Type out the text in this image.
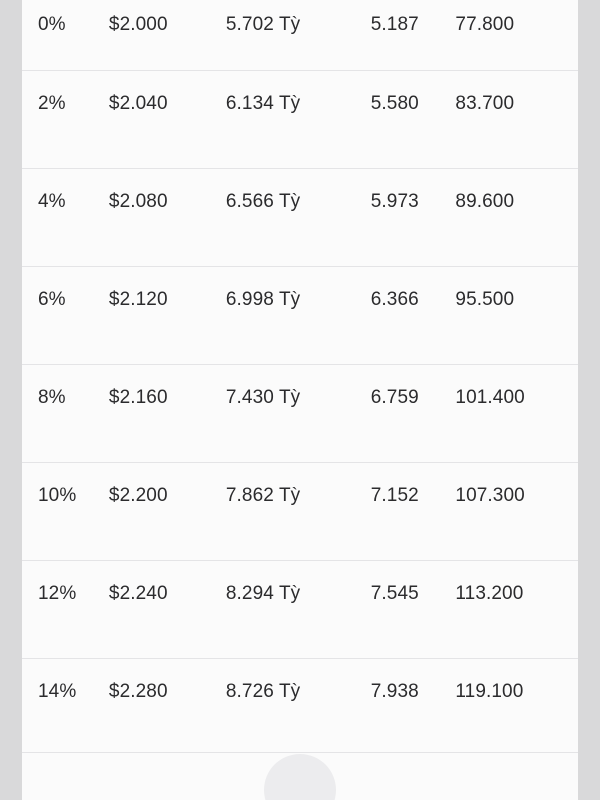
0%	$2.000	5.702 Tỳ	5.187	77.800

2%	$2.040	6.134 Tỳ	5.580	83.700

4%	$2.080	6.566 Tỳ	5.973	89.600

6%	$2.120	6.998 Tỳ	6.366	95.500

8%	$2.160	7.430 Tỳ	6.759	101.400

10%	$2.200	7.862 Tỳ	7.152	107.300

12%	$2.240	8.294 Tỳ	7.545	113.200

14%	$2.280	8.726 Tỳ	7.938	119.100
